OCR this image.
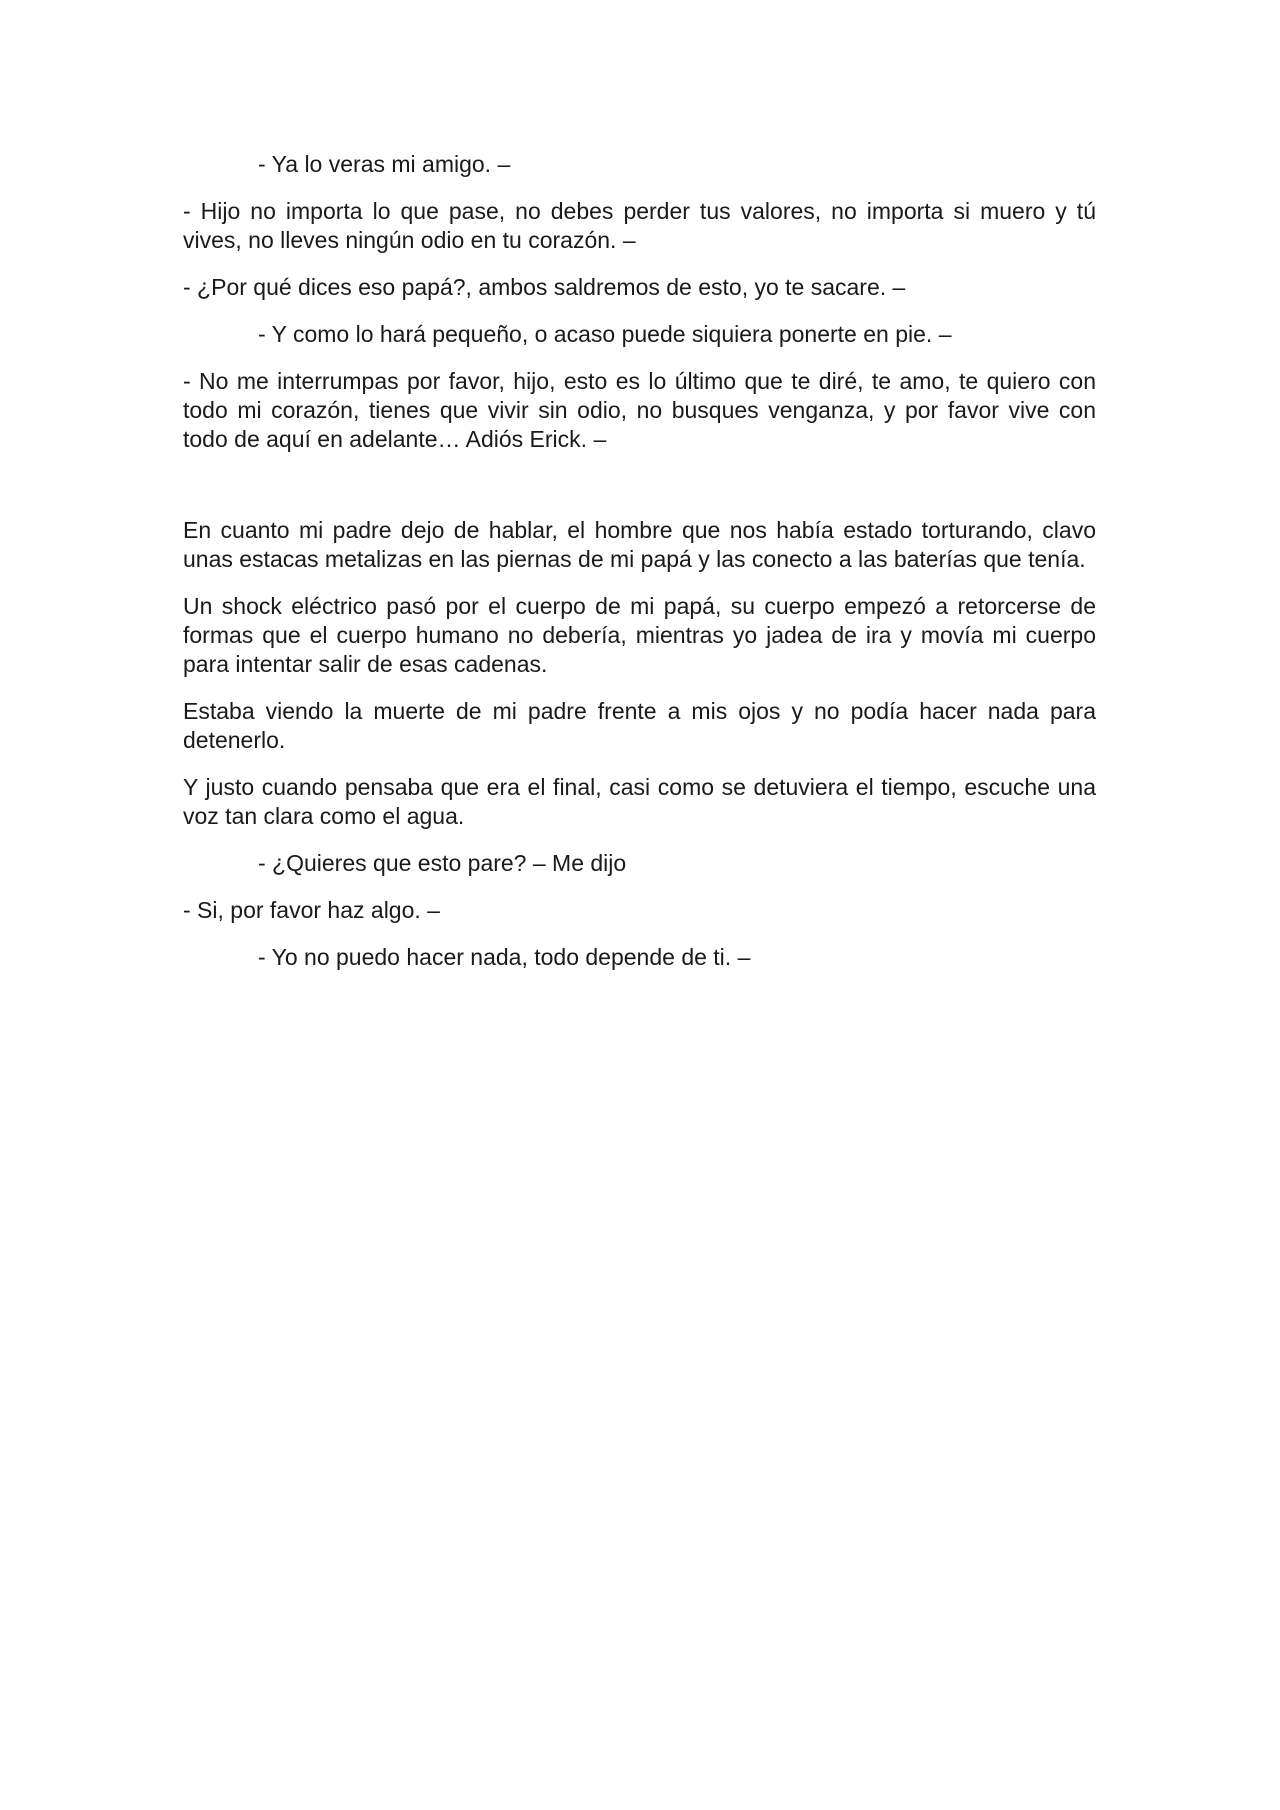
- Ya lo veras mi amigo. –

- Hijo no importa lo que pase, no debes perder tus valores, no importa si muero y tú vives, no lleves ningún odio en tu corazón. –

- ¿Por qué dices eso papá?, ambos saldremos de esto, yo te sacare. –

- Y como lo hará pequeño, o acaso puede siquiera ponerte en pie. –

- No me interrumpas por favor, hijo, esto es lo último que te diré, te amo, te quiero con todo mi corazón, tienes que vivir sin odio, no busques venganza, y por favor vive con todo de aquí en adelante… Adiós Erick. –

En cuanto mi padre dejo de hablar, el hombre que nos había estado torturando, clavo unas estacas metalizas en las piernas de mi papá y las conecto a las baterías que tenía.

Un shock eléctrico pasó por el cuerpo de mi papá, su cuerpo empezó a retorcerse de formas que el cuerpo humano no debería, mientras yo jadea de ira y movía mi cuerpo para intentar salir de esas cadenas.

Estaba viendo la muerte de mi padre frente a mis ojos y no podía hacer nada para detenerlo.

Y justo cuando pensaba que era el final, casi como se detuviera el tiempo, escuche una voz tan clara como el agua.

- ¿Quieres que esto pare? – Me dijo

- Si, por favor haz algo. –

- Yo no puedo hacer nada, todo depende de ti. –
